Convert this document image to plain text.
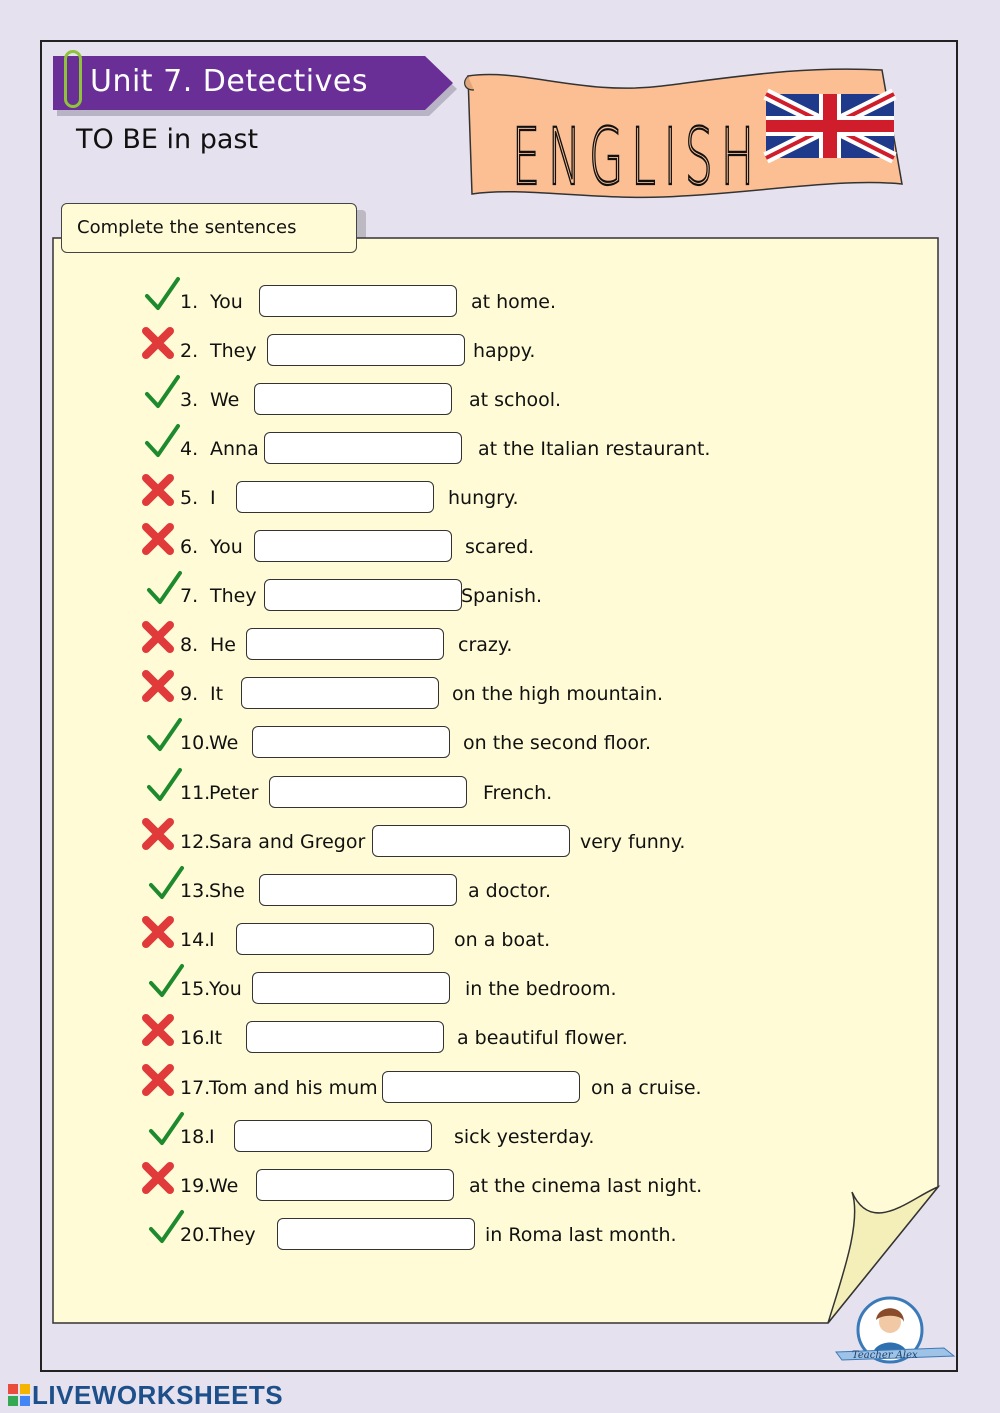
Unit 7. Detectives
TO BE in past	ENGLISH
Complete the sentences
1. You	at home.
2. They	happy.
3. We	at school.
4. Anna	at the Italian restaurant.
5. I	hungry.
6. You	scared.
7. They	Spanish.
8. He	crazy.
9. It	on the high mountain.
10.
We	on the second floor.
11.
Peter	French.
12.
Sara and Gregor	very funny.
13.
She	a doctor.
14.
I	on a boat.
15.
You	in the bedroom.
16.
It	a beautiful flower.
17.
Tom and his mum	on a cruise.
18.
I	sick yesterday.
19.
We	at the cinema last night.
20.
They	in Roma last month.
Teacher Alex
LIVEWORKSHEETS
